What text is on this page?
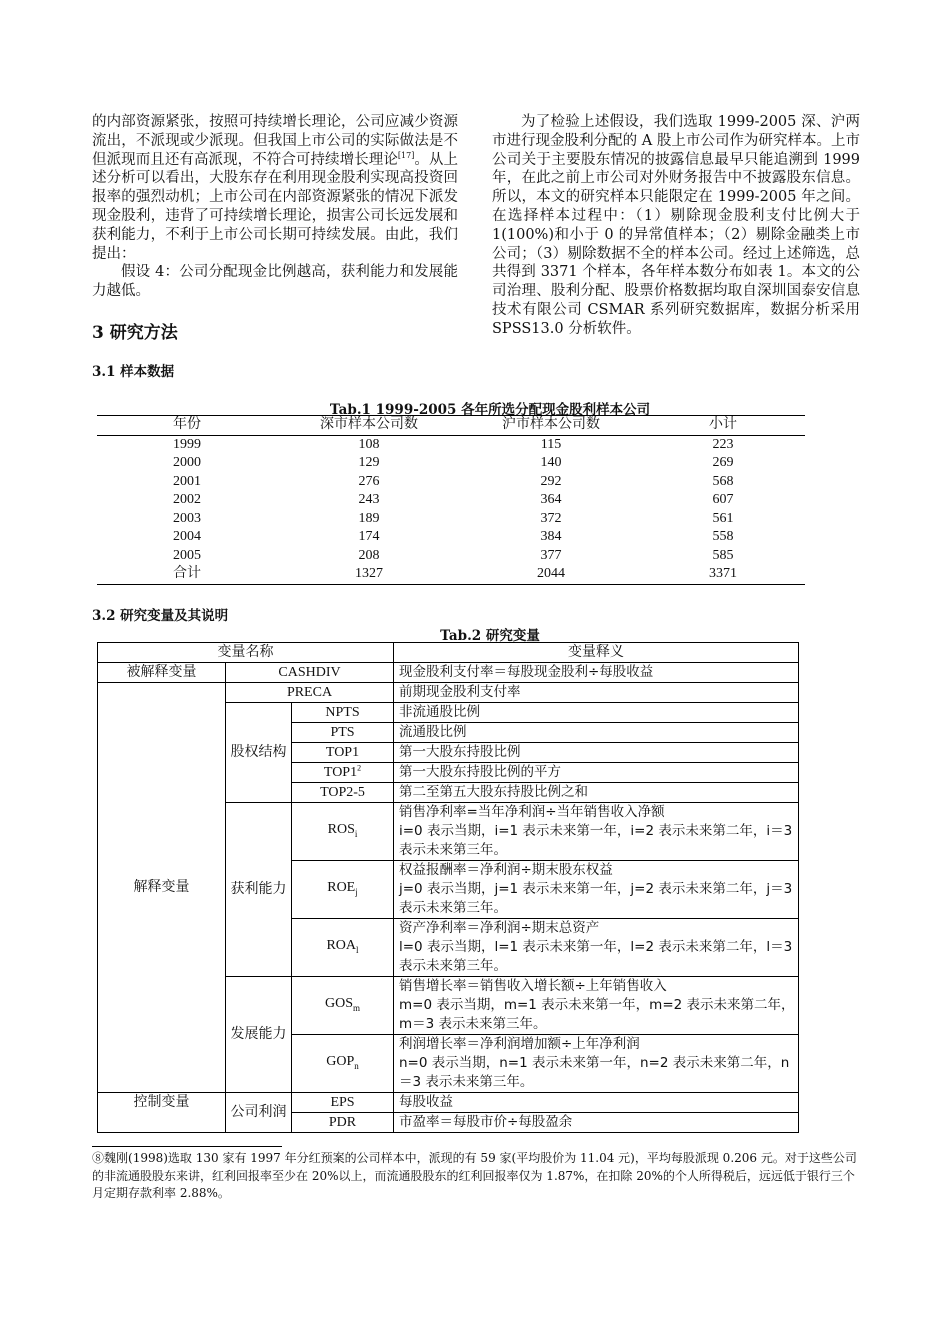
的内部资源紧张，按照可持续增长理论，公司应减少资源流出，不派现或少派现。但我国上市公司的实际做法是不但派现而且还有高派现，不符合可持续增长理论[17]。从上述分析可以看出，大股东存在利用现金股利实现高投资回报率的强烈动机；上市公司在内部资源紧张的情况下派发现金股利，违背了可持续增长理论，损害公司长远发展和获利能力，不利于上市公司长期可持续发展。由此，我们提出：

假设 4：公司分配现金比例越高，获利能力和发展能力越低。

3 研究方法
3.1 样本数据

为了检验上述假设，我们选取 1999-2005 深、沪两市进行现金股利分配的 A 股上市公司作为研究样本。上市公司关于主要股东情况的披露信息最早只能追溯到 1999 年，在此之前上市公司对外财务报告中不披露股东信息。所以，本文的研究样本只能限定在 1999-2005 年之间。在选择样本过程中：（1）剔除现金股利支付比例大于 1(100%)和小于 0 的异常值样本；（2）剔除金融类上市公司；（3）剔除数据不全的样本公司。经过上述筛选，总共得到 3371 个样本，各年样本数分布如表 1。本文的公司治理、股利分配、股票价格数据均取自深圳国泰安信息技术有限公司 CSMAR 系列研究数据库，数据分析采用 SPSS13.0 分析软件。

Tab.1 1999-2005 各年所选分配现金股利样本公司
年份	深市样本公司数	沪市样本公司数	小计
1999	108	115	223
2000	129	140	269
2001	276	292	568
2002	243	364	607
2003	189	372	561
2004	174	384	558
2005	208	377	585
合计	1327	2044	3371
3.2 研究变量及其说明
Tab.2 研究变量
变量名称			变量释义
被解释变量	CASHDIV		现金股利支付率＝每股现金股利÷每股收益
解释变量	PRECA		前期现金股利支付率
	股权结构	NPTS	非流通股比例
		PTS	流通股比例
		TOP1	第一大股东持股比例
		$TOP1^2$	第一大股东持股比例的平方
		TOP2-5	第二至第五大股东持股比例之和
	获利能力	$ROS_i$	销售净利率=当年净利润÷当年销售收入净额
i=0 表示当期，i=1 表示未来第一年，i=2 表示未来第二年，i＝3 表示未来第三年。
		$ROE_j$	权益报酬率＝净利润÷期末股东权益
j=0 表示当期，j=1 表示未来第一年，j=2 表示未来第二年，j＝3 表示未来第三年。
		$ROA_l$	资产净利率＝净利润÷期末总资产
l=0 表示当期，l=1 表示未来第一年，l=2 表示未来第二年，l＝3 表示未来第三年。
	发展能力	$GOS_m$	销售增长率＝销售收入增长额÷上年销售收入
m=0 表示当期，m=1 表示未来第一年，m=2 表示未来第二年，m＝3 表示未来第三年。
		$GOP_n$	利润增长率＝净利润增加额÷上年净利润
n=0 表示当期，n=1 表示未来第一年，n=2 表示未来第二年，n＝3 表示未来第三年。
控制变量	公司利润	EPS	每股收益
		PDR	市盈率＝每股市价÷每股盈余
⑧魏刚(1998)选取 130 家有 1997 年分红预案的公司样本中，派现的有 59 家(平均股价为 11.04 元)，平均每股派现 0.206 元。对于这些公司的非流通股股东来讲，红利回报率至少在 20%以上，而流通股股东的红利回报率仅为 1.87%，在扣除 20%的个人所得税后，远远低于银行三个月定期存款利率 2.88%。
